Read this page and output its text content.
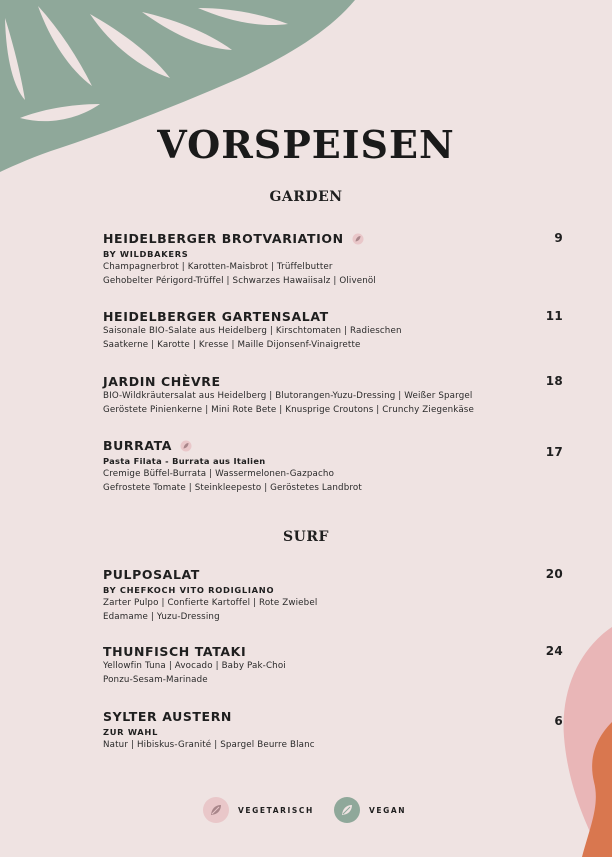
VORSPEISEN
GARDEN
HEIDELBERGER BROTVARIATION
BY WILDBAKERS
Champagnerbrot | Karotten-Maisbrot | Trüffelbutter
Gehobelter Périgord-Trüffel | Schwarzes Hawaiisalz | Olivenöl
9
HEIDELBERGER GARTENSALAT
Saisonale BIO-Salate aus Heidelberg | Kirschtomaten | Radieschen
Saatkerne | Karotte | Kresse | Maille Dijonsenf-Vinaigrette
11
JARDIN CHÈVRE
BIO-Wildkräutersalat aus Heidelberg | Blutorangen-Yuzu-Dressing | Weißer Spargel
Geröstete Pinienkerne | Mini Rote Bete | Knusprige Croutons | Crunchy Ziegenkäse
18
BURRATA
Pasta Filata - Burrata aus Italien
Cremige Büffel-Burrata | Wassermelonen-Gazpacho
Gefrostete Tomate | Steinkleepesto | Geröstetes Landbrot
17
SURF
PULPOSALAT
BY CHEFKOCH VITO RODIGLIANO
Zarter Pulpo | Confierte Kartoffel | Rote Zwiebel
Edamame | Yuzu-Dressing
20
THUNFISCH TATAKI
Yellowfin Tuna | Avocado | Baby Pak-Choi
Ponzu-Sesam-Marinade
24
SYLTER AUSTERN
ZUR WAHL
Natur | Hibiskus-Granité | Spargel Beurre Blanc
6
VEGETARISCH	VEGAN
